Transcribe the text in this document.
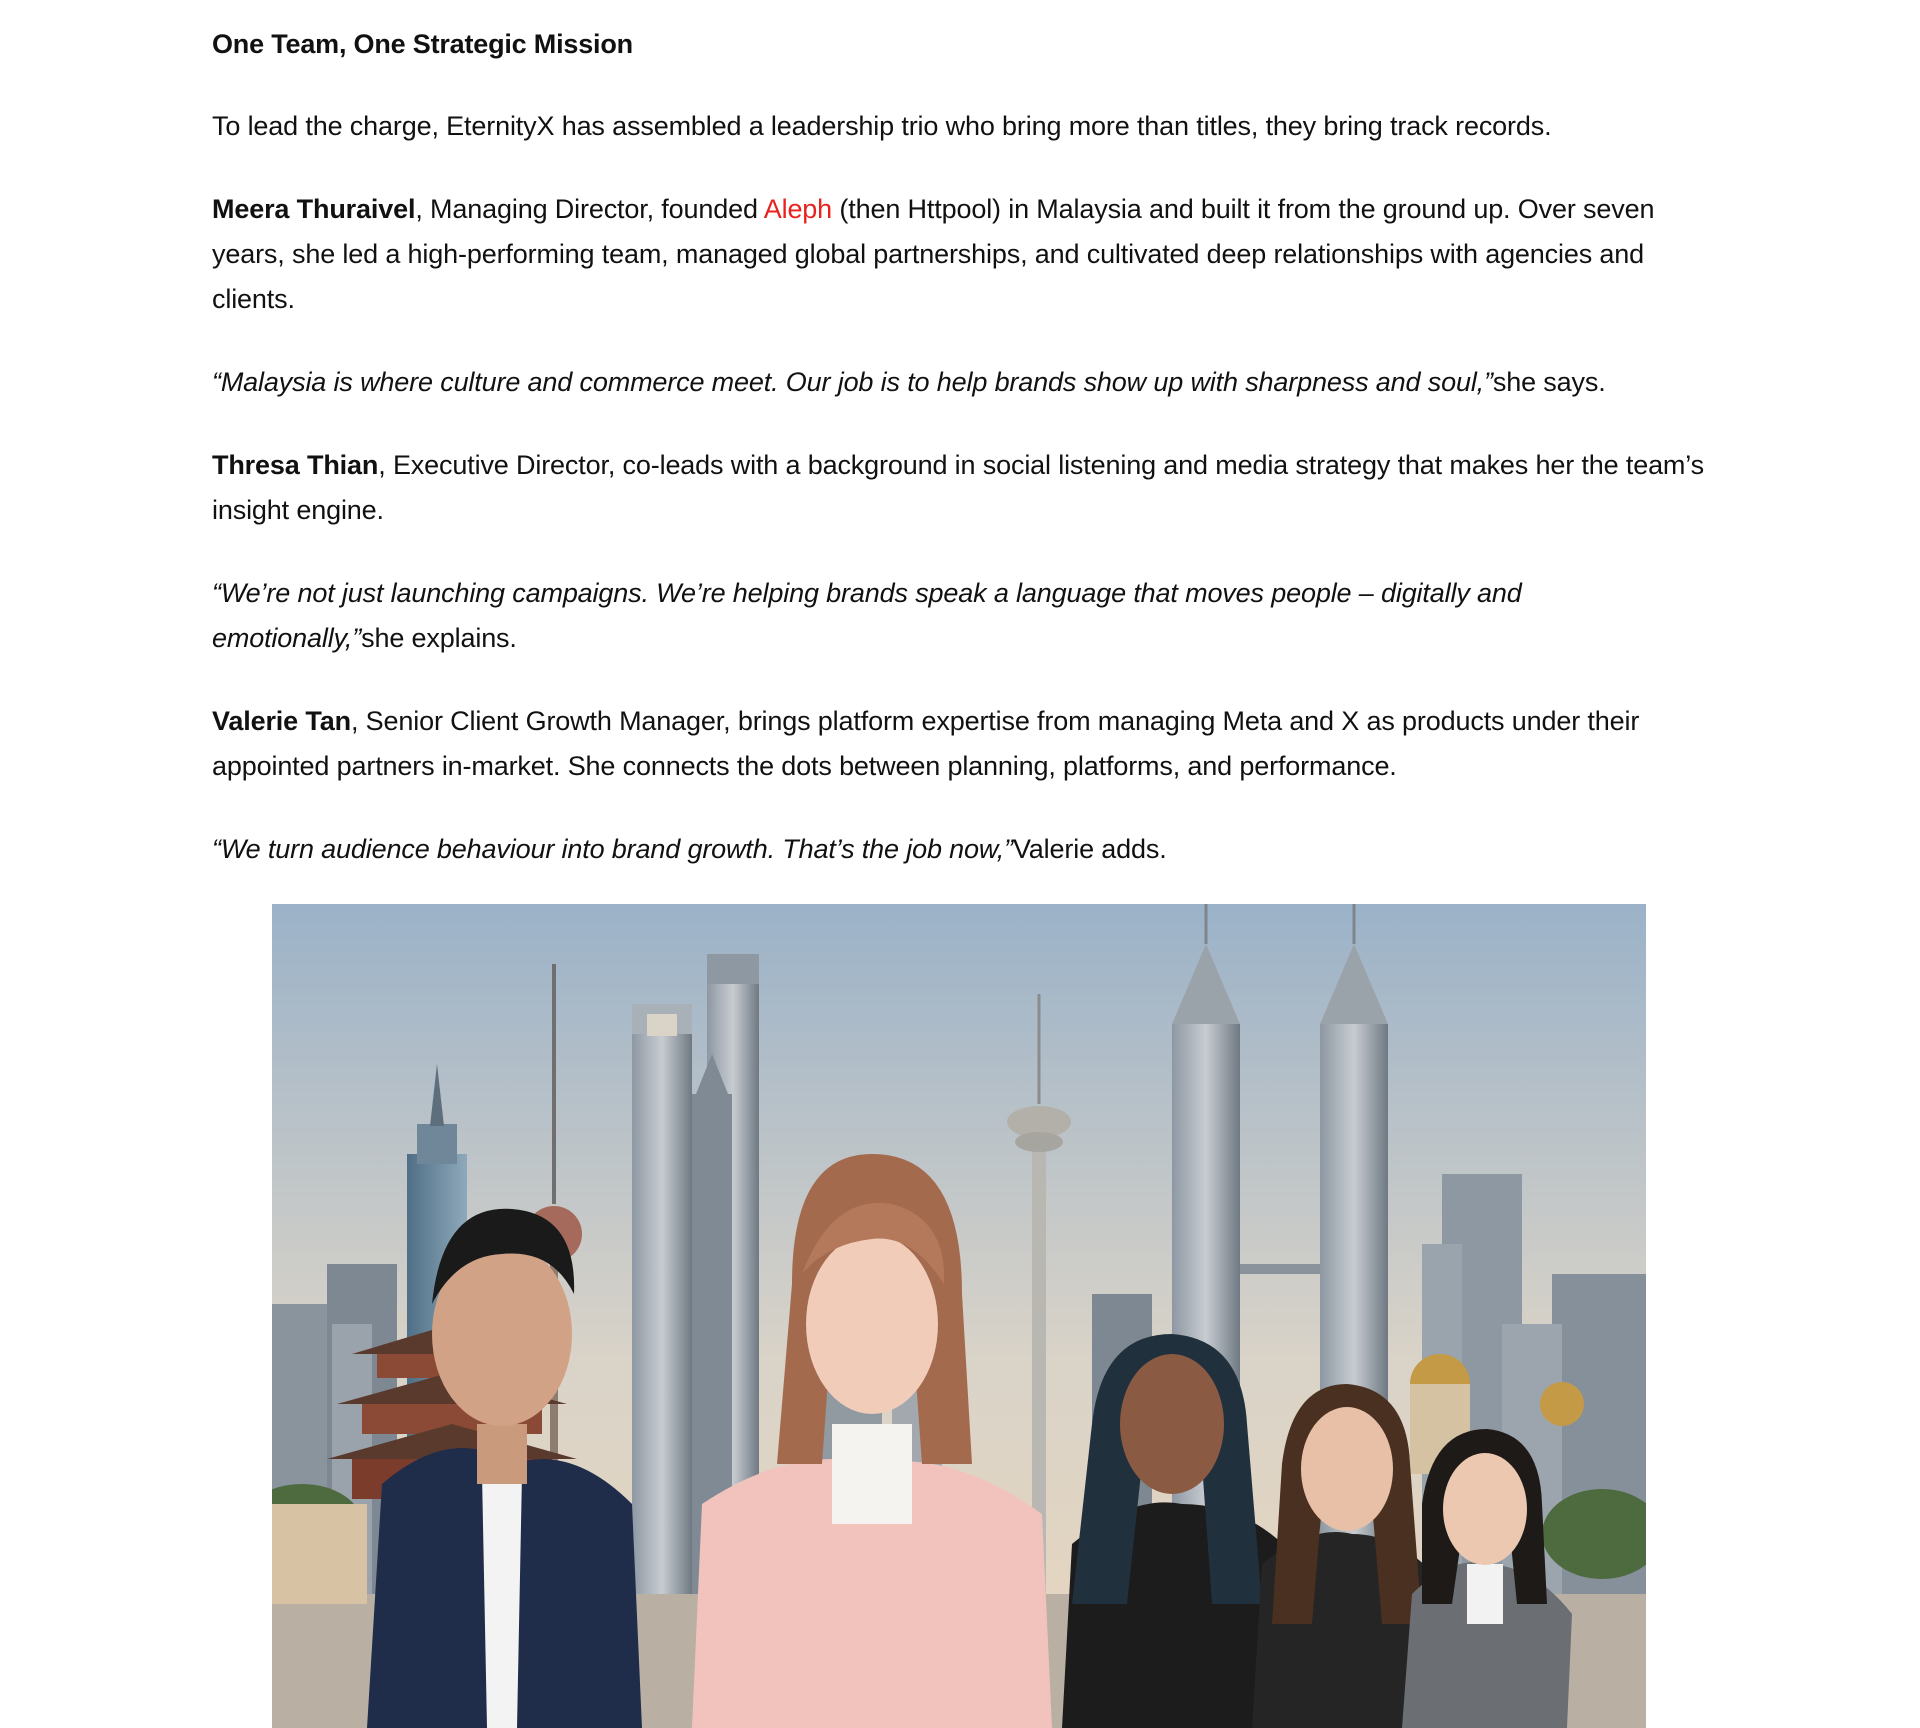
One Team, One Strategic Mission

To lead the charge, EternityX has assembled a leadership trio who bring more than titles, they bring track records.

Meera Thuraivel, Managing Director, founded Aleph (then Httpool) in Malaysia and built it from the ground up. Over seven years, she led a high-performing team, managed global partnerships, and cultivated deep relationships with agencies and clients.

“Malaysia is where culture and commerce meet. Our job is to help brands show up with sharpness and soul,”she says.

Thresa Thian, Executive Director, co-leads with a background in social listening and media strategy that makes her the team’s insight engine.

“We’re not just launching campaigns. We’re helping brands speak a language that moves people – digitally and emotionally,”she explains.

Valerie Tan, Senior Client Growth Manager, brings platform expertise from managing Meta and X as products under their appointed partners in-market. She connects the dots between planning, platforms, and performance.

“We turn audience behaviour into brand growth. That’s the job now,”Valerie adds.
